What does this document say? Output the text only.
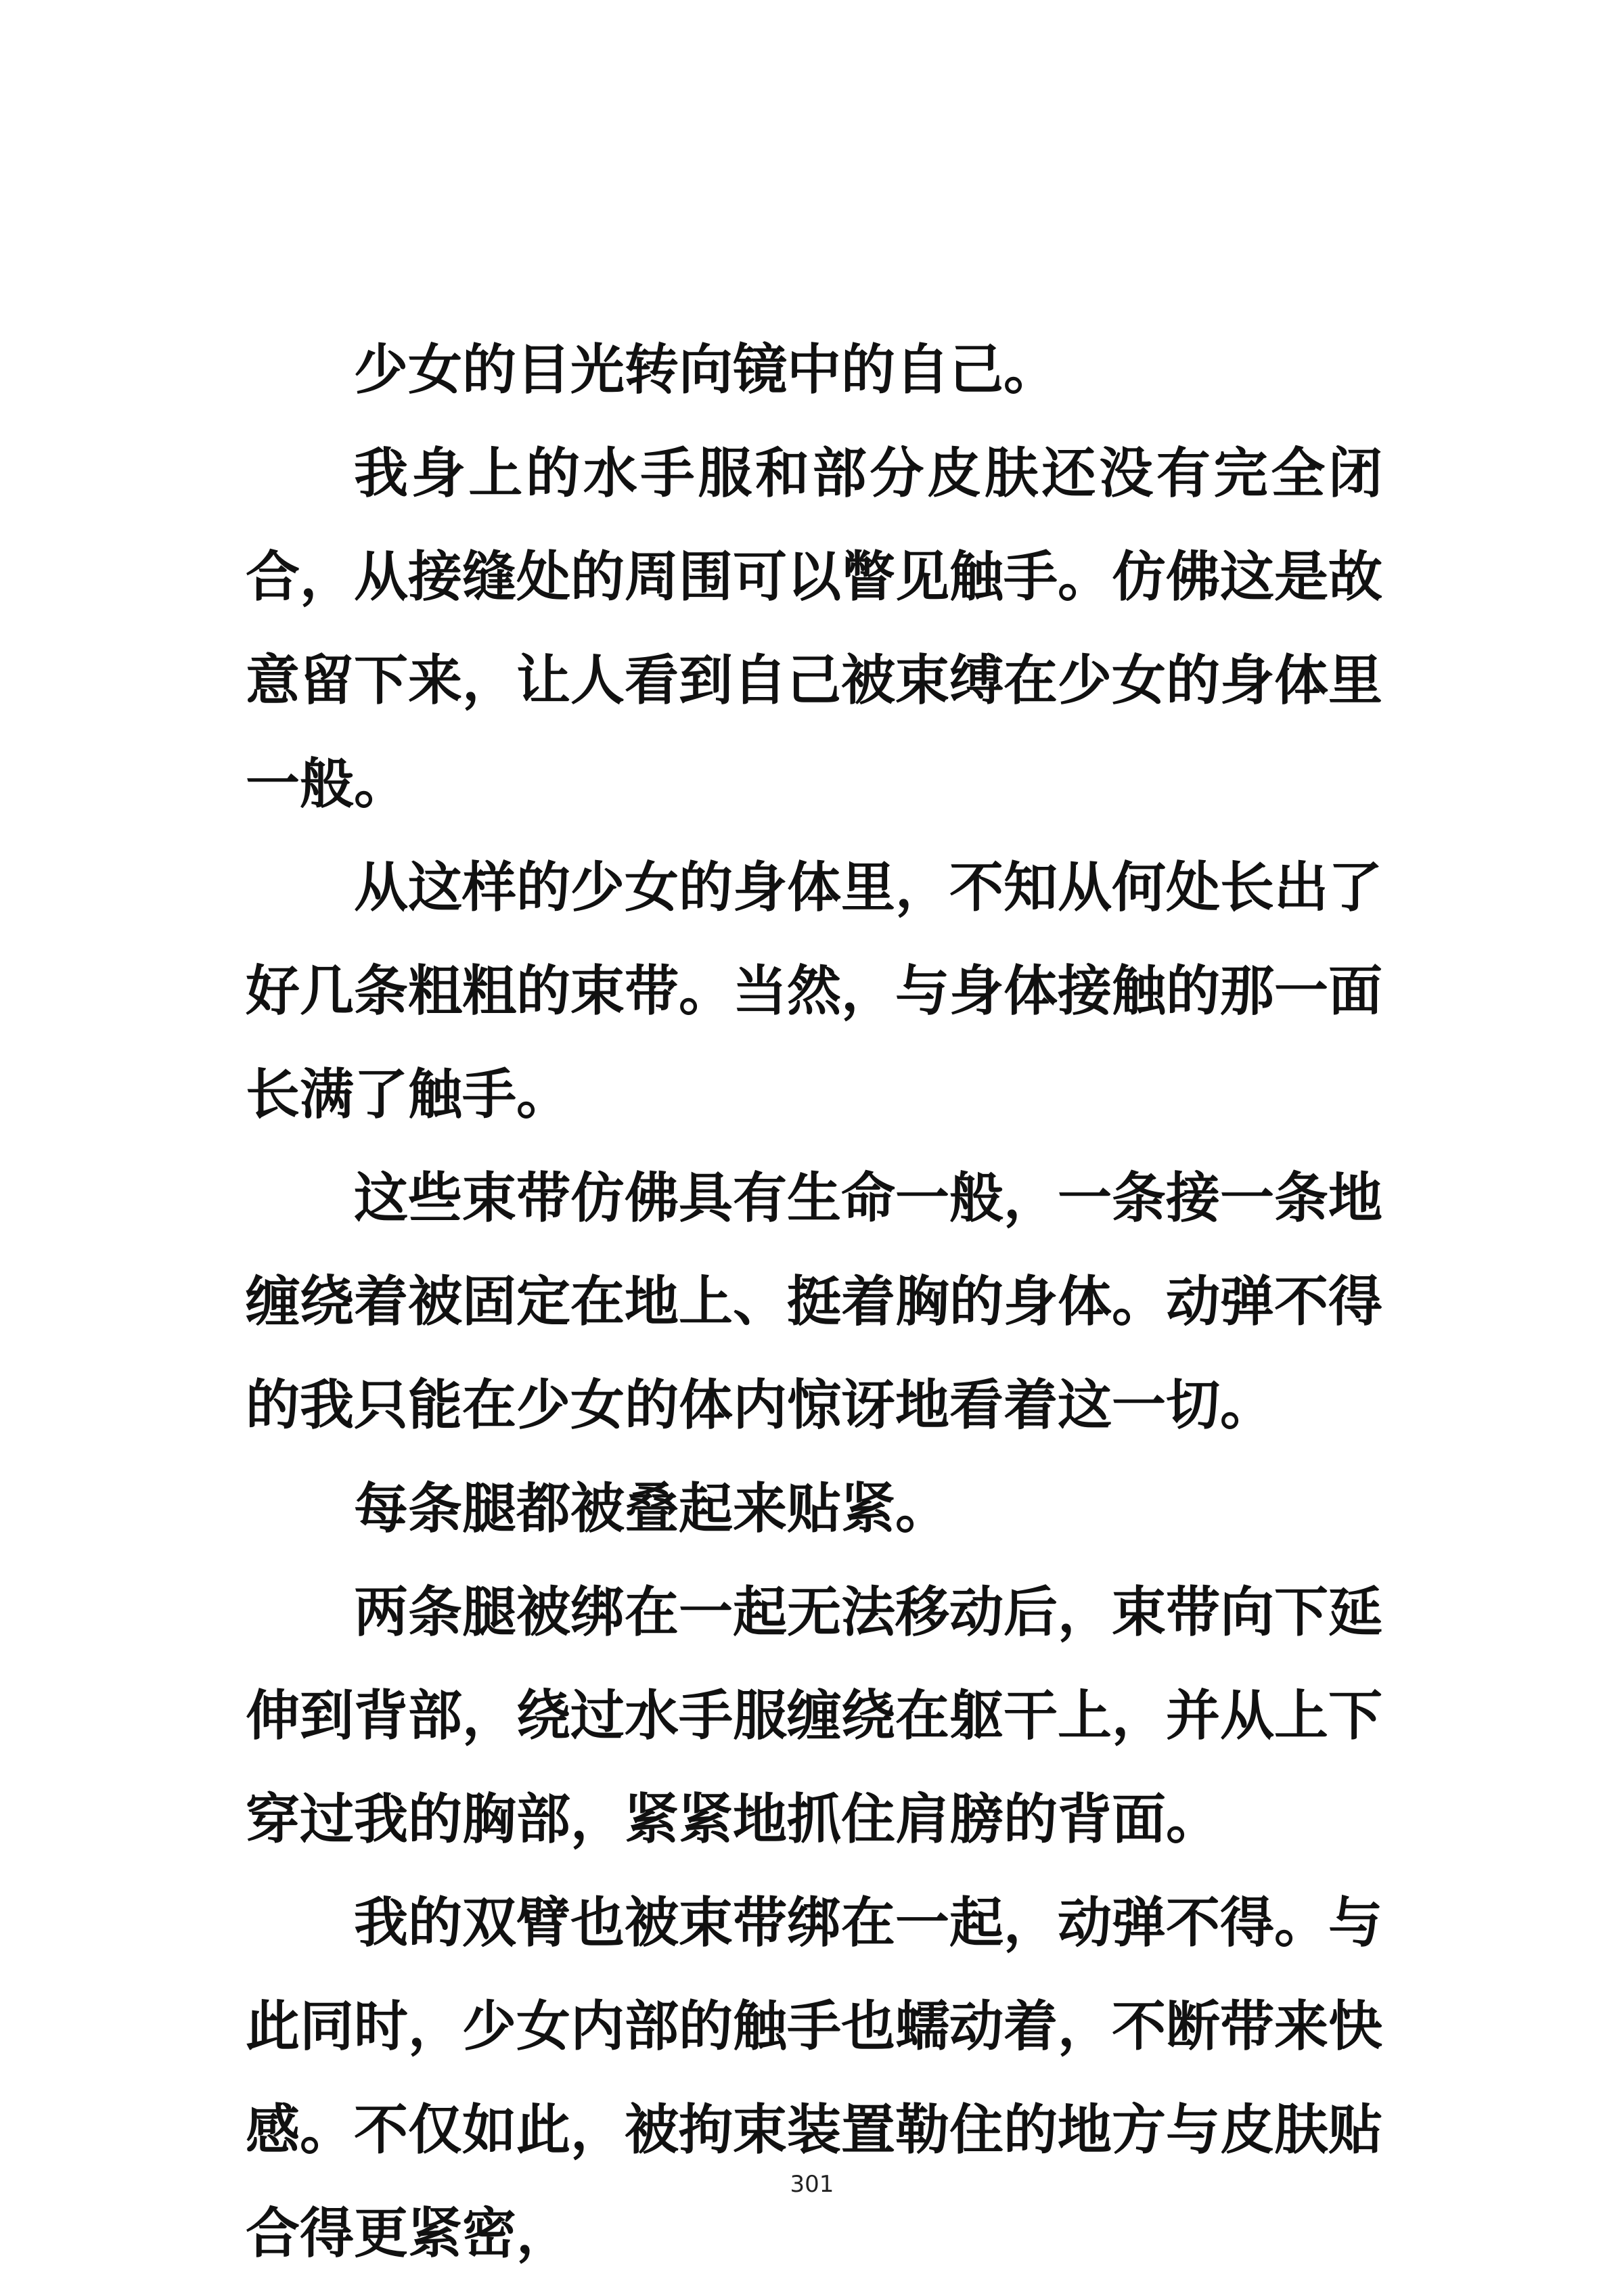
少女的目光转向镜中的自己。

我身上的水手服和部分皮肤还没有完全闭合，从接缝处的周围可以瞥见触手。仿佛这是故意留下来，让人看到自己被束缚在少女的身体里一般。

从这样的少女的身体里，不知从何处长出了好几条粗粗的束带。当然，与身体接触的那一面长满了触手。

这些束带仿佛具有生命一般，一条接一条地缠绕着被固定在地上、挺着胸的身体。动弹不得的我只能在少女的体内惊讶地看着这一切。

每条腿都被叠起来贴紧。

两条腿被绑在一起无法移动后，束带向下延伸到背部，绕过水手服缠绕在躯干上，并从上下穿过我的胸部，紧紧地抓住肩膀的背面。

我的双臂也被束带绑在一起，动弹不得。与此同时，少女内部的触手也蠕动着，不断带来快感。不仅如此，被拘束装置勒住的地方与皮肤贴合得更紧密，

301
